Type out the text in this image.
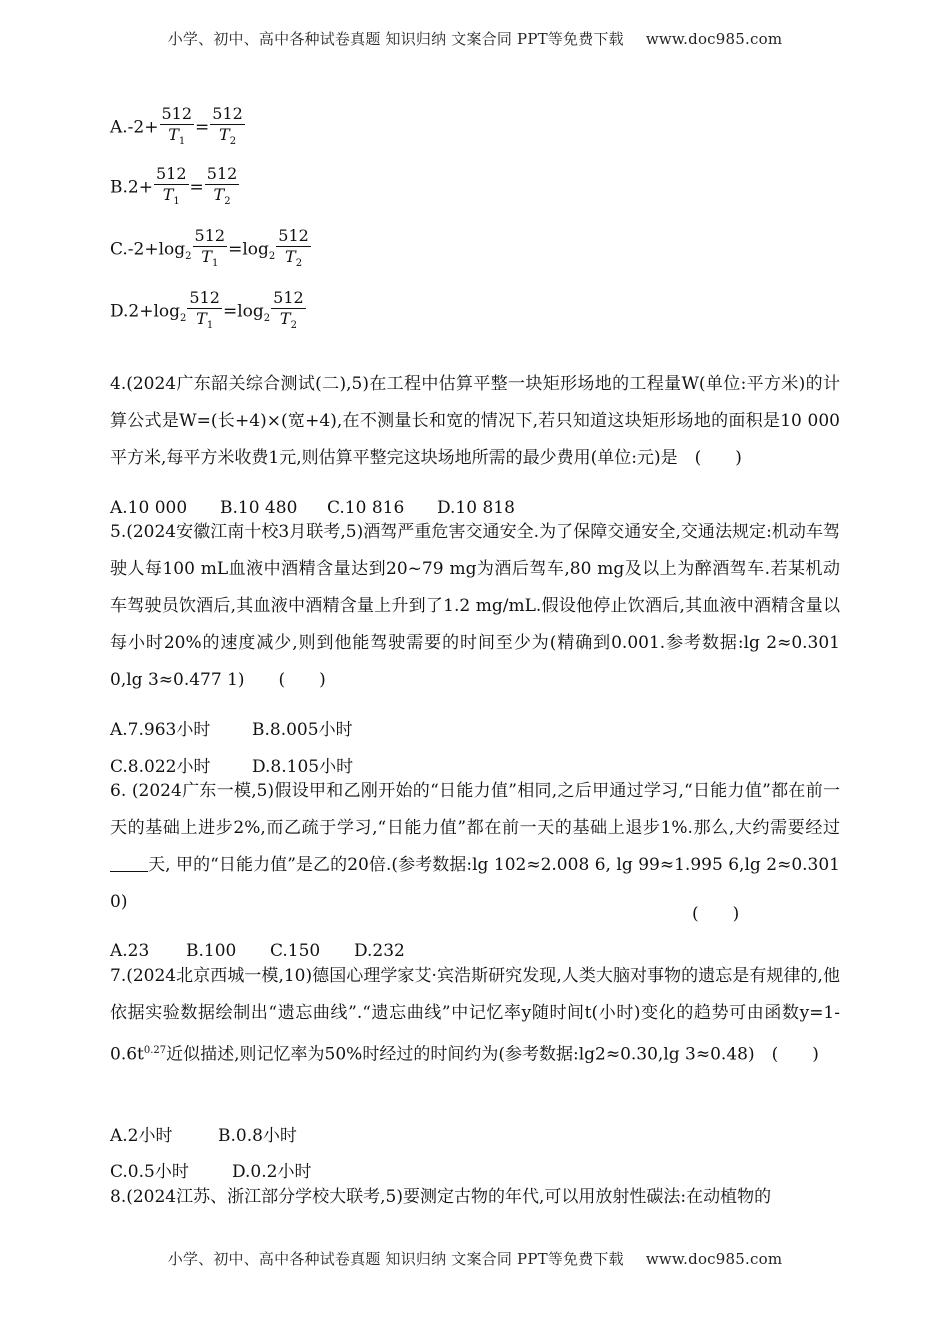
小学、初中、高中各种试卷真题 知识归纳 文案合同 PPT等免费下载 www.doc985.com
$A.-2+ \frac{512}{T_1} = \frac{512}{T_2}$
$B.2+ \frac{512}{T_1} = \frac{512}{T_2}$
$C.-2+\log_2 \frac{512}{T_1} =\log_2 \frac{512}{T_2}$
$D.2+\log_2 \frac{512}{T_1} =\log_2 \frac{512}{T_2}$
4.(2024广东韶关综合测试(二),5)在工程中估算平整一块矩形场地的工程量W(单位:平方米)的计算公式是W=(长+4)×(宽+4),在不测量长和宽的情况下,若只知道这块矩形场地的面积是10 000平方米,每平方米收费1元,则估算平整完这块场地所需的最少费用(单位:元)是　(　　)
A.10 000 B.10 480 C.10 816 D.10 818
5.(2024安徽江南十校3月联考,5)酒驾严重危害交通安全.为了保障交通安全,交通法规定:机动车驾驶人每100 mL血液中酒精含量达到20~79 mg为酒后驾车,80 mg及以上为醉酒驾车.若某机动车驾驶员饮酒后,其血液中酒精含量上升到了1.2 mg/mL.假设他停止饮酒后,其血液中酒精含量以每小时20%的速度减少,则到他能驾驶需要的时间至少为(精确到0.001.参考数据:lg 2≈0.301 0,lg 3≈0.477 1)　　(　　)
A.7.963小时 B.8.005小时
C.8.022小时 D.8.105小时
6. (2024广东一模,5)假设甲和乙刚开始的“日能力值”相同,之后甲通过学习,“日能力值”都在前一天的基础上进步2%,而乙疏于学习,“日能力值”都在前一天的基础上退步1%.那么,大约需要经过天, 甲的“日能力值”是乙的20倍.(参考数据:lg 102≈2.008 6, lg 99≈1.995 6,lg 2≈0.301 0)
(　　)
A.23 B.100 C.150 D.232
7.(2024北京西城一模,10)德国心理学家艾·宾浩斯研究发现,人类大脑对事物的遗忘是有规律的,他依据实验数据绘制出“遗忘曲线”.“遗忘曲线”中记忆率y随时间t(小时)变化的趋势可由函数$y=1-0.6t^{0.27}$近似描述,则记忆率为50%时经过的时间约为(参考数据:lg2≈0.30,lg 3≈0.48)　(　　)
A.2小时	B.0.8小时
C.0.5小时	D.0.2小时
8.(2024江苏、浙江部分学校大联考,5)要测定古物的年代,可以用放射性碳法:在动植物的
小学、初中、高中各种试卷真题 知识归纳 文案合同 PPT等免费下载 www.doc985.com
